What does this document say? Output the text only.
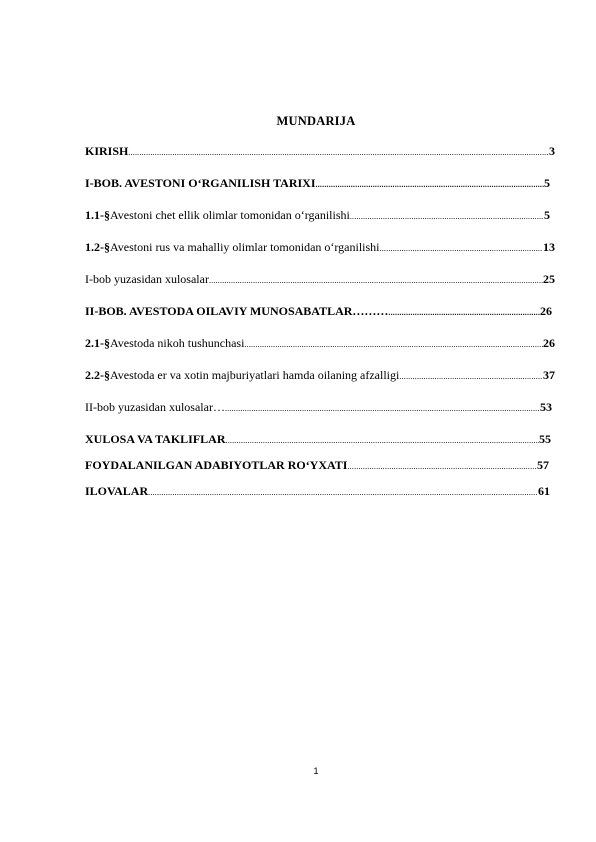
MUNDARIJA
KIRISH .....	3
I-BOB. AVESTONI O‘RGANILISH TARIXI .....	5
1.1-§ Avestoni chet ellik olimlar tomonidan o‘rganilishi .....	5
1.2-§ Avestoni rus va mahalliy olimlar tomonidan o‘rganilishi .....	13
I-bob yuzasidan xulosalar .....	25
II-BOB. AVESTODA OILAVIY MUNOSABATLAR……… .....	26
2.1-§ Avestoda nikoh tushunchasi .....	26
2.2-§ Avestoda er va xotin majburiyatlari hamda oilaning afzalligi .....	37
II-bob yuzasidan xulosalar… .....	53
XULOSA VA TAKLIFLAR .....	55
FOYDALANILGAN ADABIYOTLAR RO‘YXATI .....	57
ILOVALAR .....	61
1
